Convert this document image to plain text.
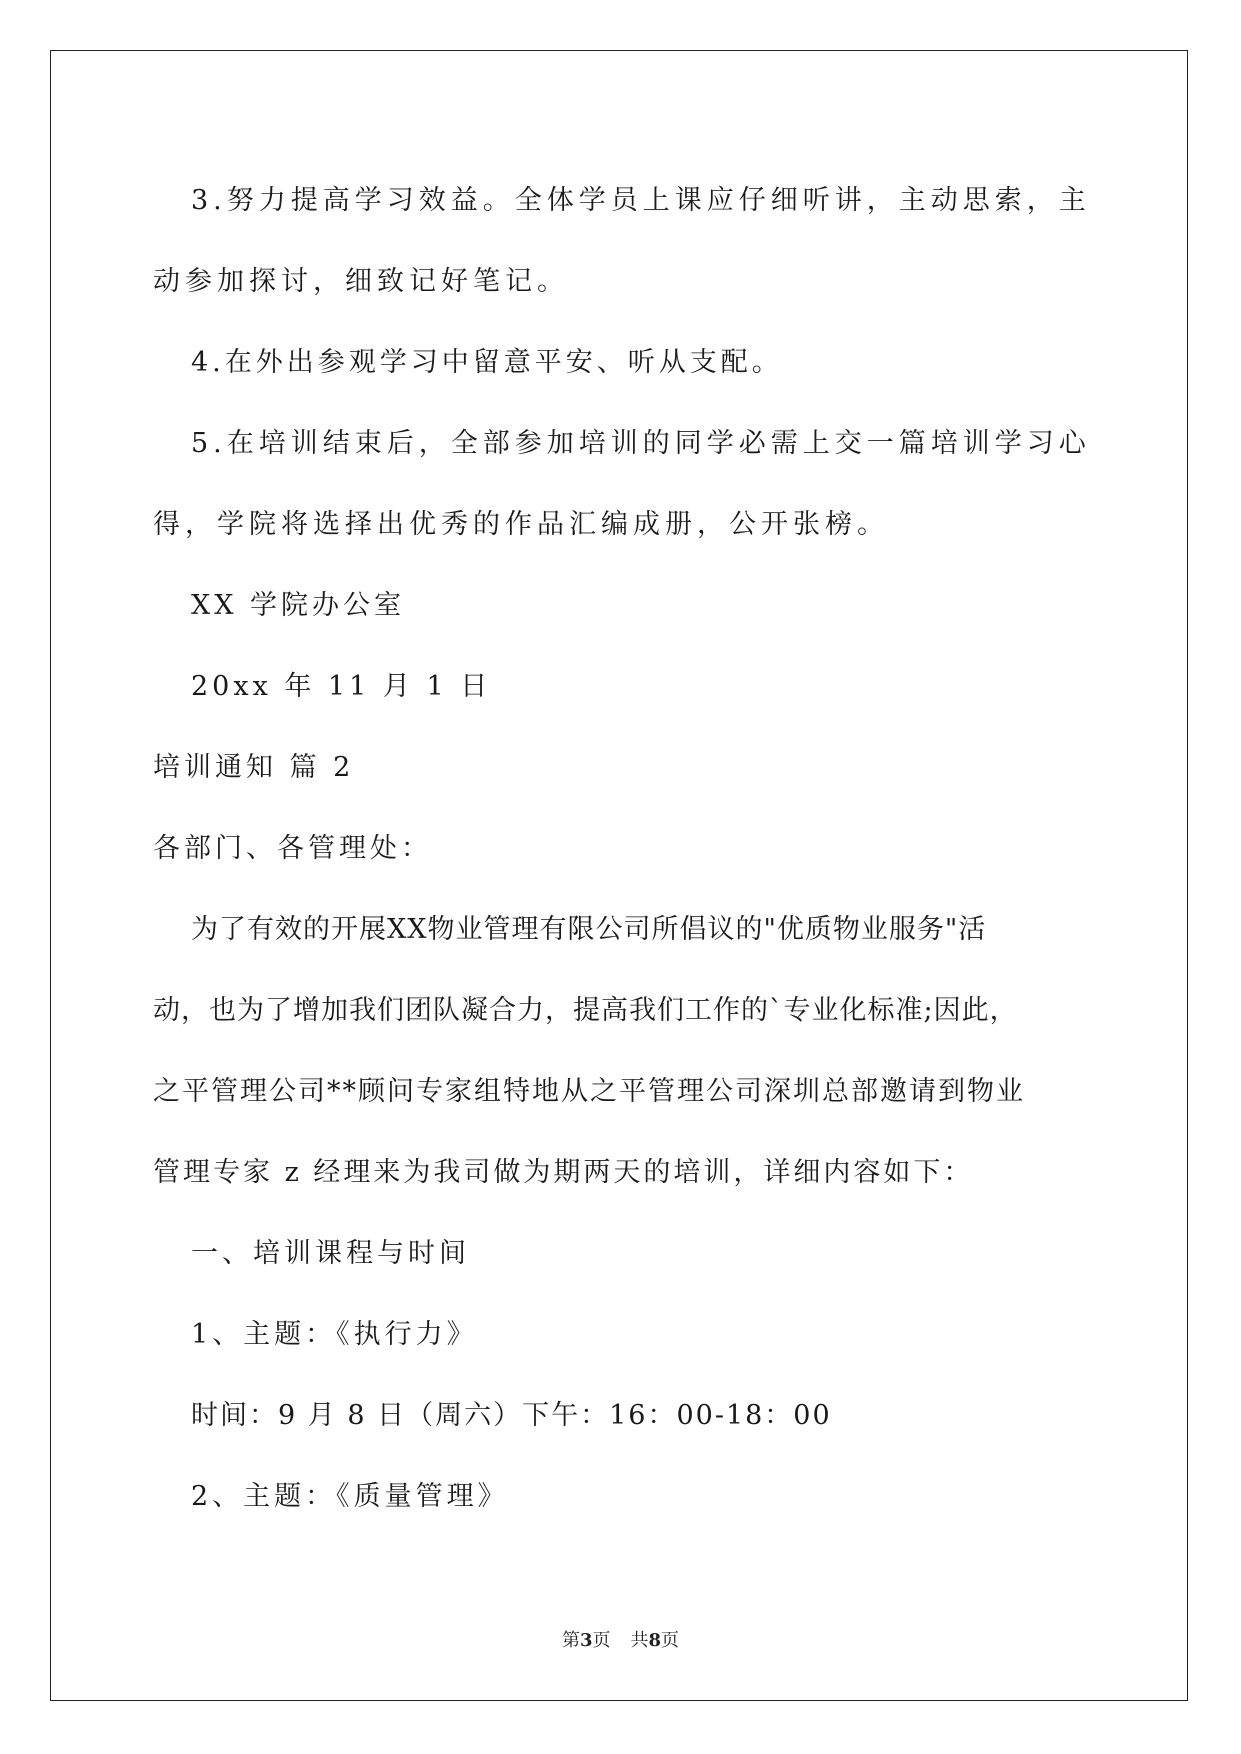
3.努力提高学习效益。全体学员上课应仔细听讲，主动思索，主
动参加探讨，细致记好笔记。

4.在外出参观学习中留意平安、听从支配。

5.在培训结束后，全部参加培训的同学必需上交一篇培训学习心
得，学院将选择出优秀的作品汇编成册，公开张榜。

XX 学院办公室

20xx 年 11 月 1 日

培训通知 篇 2

各部门、各管理处：

为了有效的开展XX物业管理有限公司所倡议的"优质物业服务"活
动，也为了增加我们团队凝合力，提高我们工作的`专业化标准;因此，
之平管理公司**顾问专家组特地从之平管理公司深圳总部邀请到物业
管理专家 z 经理来为我司做为期两天的培训，详细内容如下：

一、培训课程与时间

1、主题：《执行力》

时间：9 月 8 日（周六）下午：16：00-18：00

2、主题：《质量管理》

第3页 共8页
